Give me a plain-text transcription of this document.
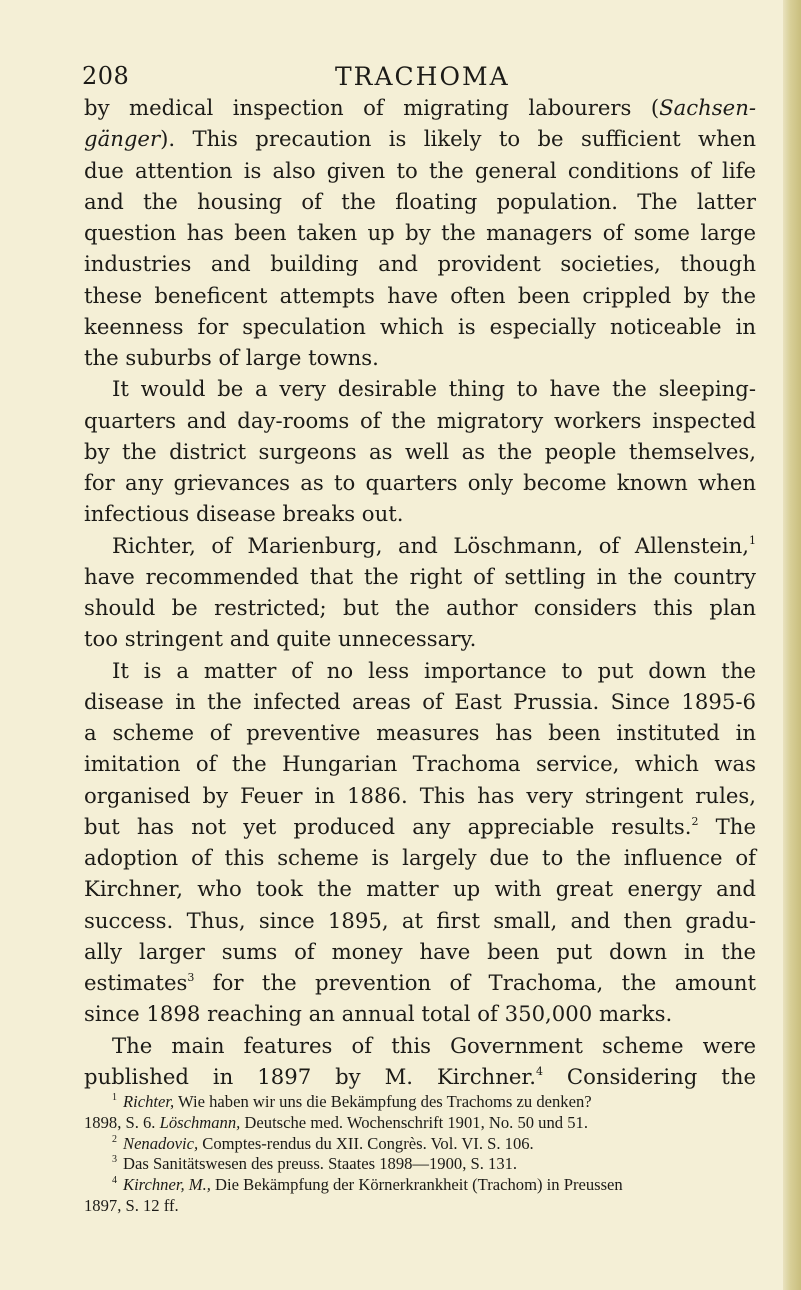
208	TRACHOMA
by medical inspection of migrating labourers (Sachsen-
gänger). This precaution is likely to be sufficient when
due attention is also given to the general conditions of life
and the housing of the floating population. The latter
question has been taken up by the managers of some large
industries and building and provident societies, though
these beneficent attempts have often been crippled by the
keenness for speculation which is especially noticeable in
the suburbs of large towns.
It would be a very desirable thing to have the sleeping-
quarters and day-rooms of the migratory workers inspected
by the district surgeons as well as the people themselves,
for any grievances as to quarters only become known when
infectious disease breaks out.
Richter, of Marienburg, and Löschmann, of Allenstein,$^1$
have recommended that the right of settling in the country
should be restricted; but the author considers this plan
too stringent and quite unnecessary.
It is a matter of no less importance to put down the
disease in the infected areas of East Prussia. Since 1895-6
a scheme of preventive measures has been instituted in
imitation of the Hungarian Trachoma service, which was
organised by Feuer in 1886. This has very stringent rules,
but has not yet produced any appreciable results.$^2$ The
adoption of this scheme is largely due to the influence of
Kirchner, who took the matter up with great energy and
success. Thus, since 1895, at first small, and then gradu-
ally larger sums of money have been put down in the
estimates$^3$ for the prevention of Trachoma, the amount
since 1898 reaching an annual total of 350,000 marks.
The main features of this Government scheme were
published in 1897 by M. Kirchner.$^4$ Considering the
$^1$ Richter, Wie haben wir uns die Bekämpfung des Trachoms zu denken?
1898, S. 6. Löschmann, Deutsche med. Wochenschrift 1901, No. 50 und 51.
$^2$ Nenadovic, Comptes-rendus du XII. Congrès. Vol. VI. S. 106.
$^3$ Das Sanitätswesen des preuss. Staates 1898—1900, S. 131.
$^4$ Kirchner, M., Die Bekämpfung der Körnerkrankheit (Trachom) in Preussen
1897, S. 12 ff.
